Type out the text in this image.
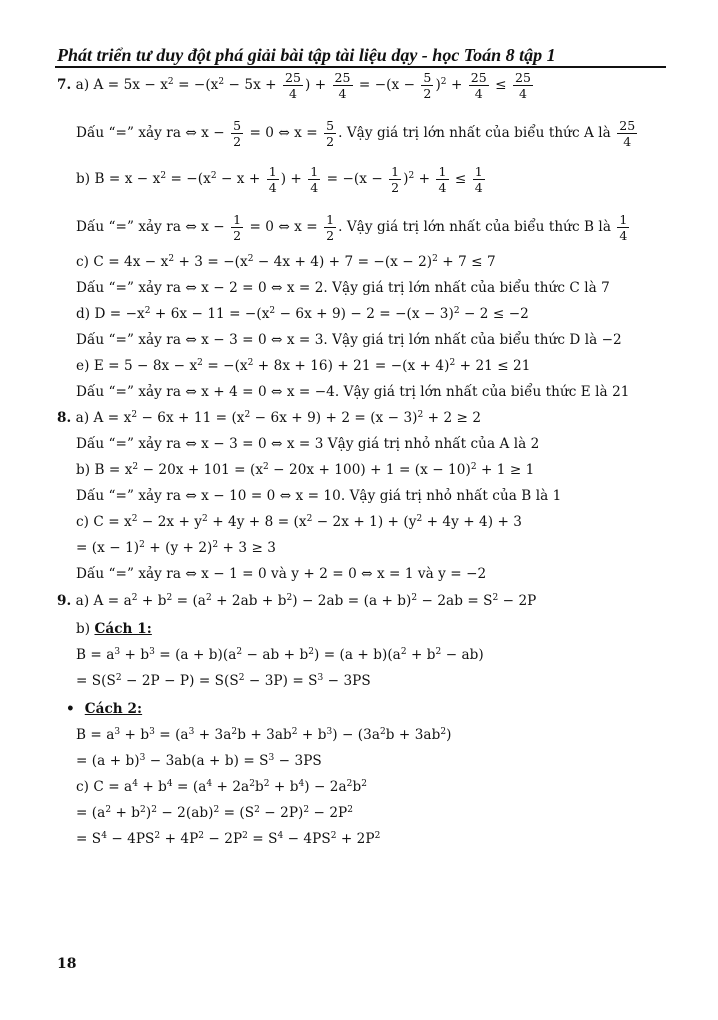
Phát triển tư duy đột phá giải bài tập tài liệu dạy - học Toán 8 tập 1
7. a) $A = 5x - x^2 = -(x^2 - 5x + \frac{25}{4}$ ) + $\frac{25}{4} = -(x - \frac{5}{2} )^2 + \frac{25}{4} \le \frac{25}{4}$
Dấu “=” xảy ra ⇔ $x - \frac{5}{2} = 0$ ⇔ $x = \frac{5}{2}$ . Vậy giá trị lớn nhất của biểu thức A là $\frac{25}{4}$
b) $B = x - x^2 = -(x^2 - x + \frac{1}{4}$ ) + $\frac{1}{4} = -(x - \frac{1}{2} )^2 + \frac{1}{4} \le \frac{1}{4}$
Dấu “=” xảy ra ⇔ $x - \frac{1}{2} = 0$ ⇔ $x = \frac{1}{2}$ . Vậy giá trị lớn nhất của biểu thức B là $\frac{1}{4}$
c) $C = 4x - x^2 + 3 = -(x^2 - 4x + 4) + 7 = -(x - 2)^2 + 7 \le 7$
Dấu “=” xảy ra ⇔ x − 2 = 0 ⇔ x = 2. Vậy giá trị lớn nhất của biểu thức C là 7
d) $D = -x^2 + 6x - 11 = -(x^2 - 6x + 9) - 2 = -(x - 3)^2 - 2 \le -2$
Dấu “=” xảy ra ⇔ x − 3 = 0 ⇔ x = 3. Vậy giá trị lớn nhất của biểu thức D là −2
e) $E = 5 - 8x - x^2 = -(x^2 + 8x + 16) + 21 = -(x + 4)^2 + 21 \le 21$
Dấu “=” xảy ra ⇔ x + 4 = 0 ⇔ x = −4. Vậy giá trị lớn nhất của biểu thức E là 21
8. a) $A = x^2 - 6x + 11 = (x^2 - 6x + 9) + 2 = (x - 3)^2 + 2 \ge 2$
Dấu “=” xảy ra ⇔ x − 3 = 0 ⇔ x = 3 Vậy giá trị nhỏ nhất của A là 2
b) $B = x^2 - 20x + 101 = (x^2 - 20x + 100) + 1 = (x - 10)^2 + 1 \ge 1$
Dấu “=” xảy ra ⇔ x − 10 = 0 ⇔ x = 10. Vậy giá trị nhỏ nhất của B là 1
c) $C = x^2 - 2x + y^2 + 4y + 8 = (x^2 - 2x + 1) + (y^2 + 4y + 4) + 3$
= $(x - 1)^2 + (y + 2)^2 + 3 \ge 3$
Dấu “=” xảy ra ⇔ x − 1 = 0 và y + 2 = 0 ⇔ x = 1 và y = −2
9. a) $A = a^2 + b^2 = (a^2 + 2ab + b^2) - 2ab = (a + b)^2 - 2ab = S^2 - 2P$
b) Cách 1:
$B = a^3 + b^3 = (a + b)(a^2$ − ab + $b^2) = (a + b)(a^2 + b^2 - ab)$
= $S(S^2 - 2P - P) = S(S^2 - 3P) = S^3 - 3PS$
• Cách 2:
$B = a^3 + b^3 = (a^3 + 3a^2b + 3ab^2 + b^3) - (3a^2b + 3ab^2)$
= $(a + b)^3 - 3ab(a + b) = S^3 - 3PS$
c) $C = a^4 + b^4 = (a^4 + 2a^2b^2 + b^4) - 2a^2b^2$
= $(a^2 + b^2)^2 - 2(ab)^2 = (S^2 - 2P)^2 - 2P^2$
= $S^4 - 4PS^2 + 4P^2 - 2P^2 = S^4 - 4PS^2 + 2P^2$
18
